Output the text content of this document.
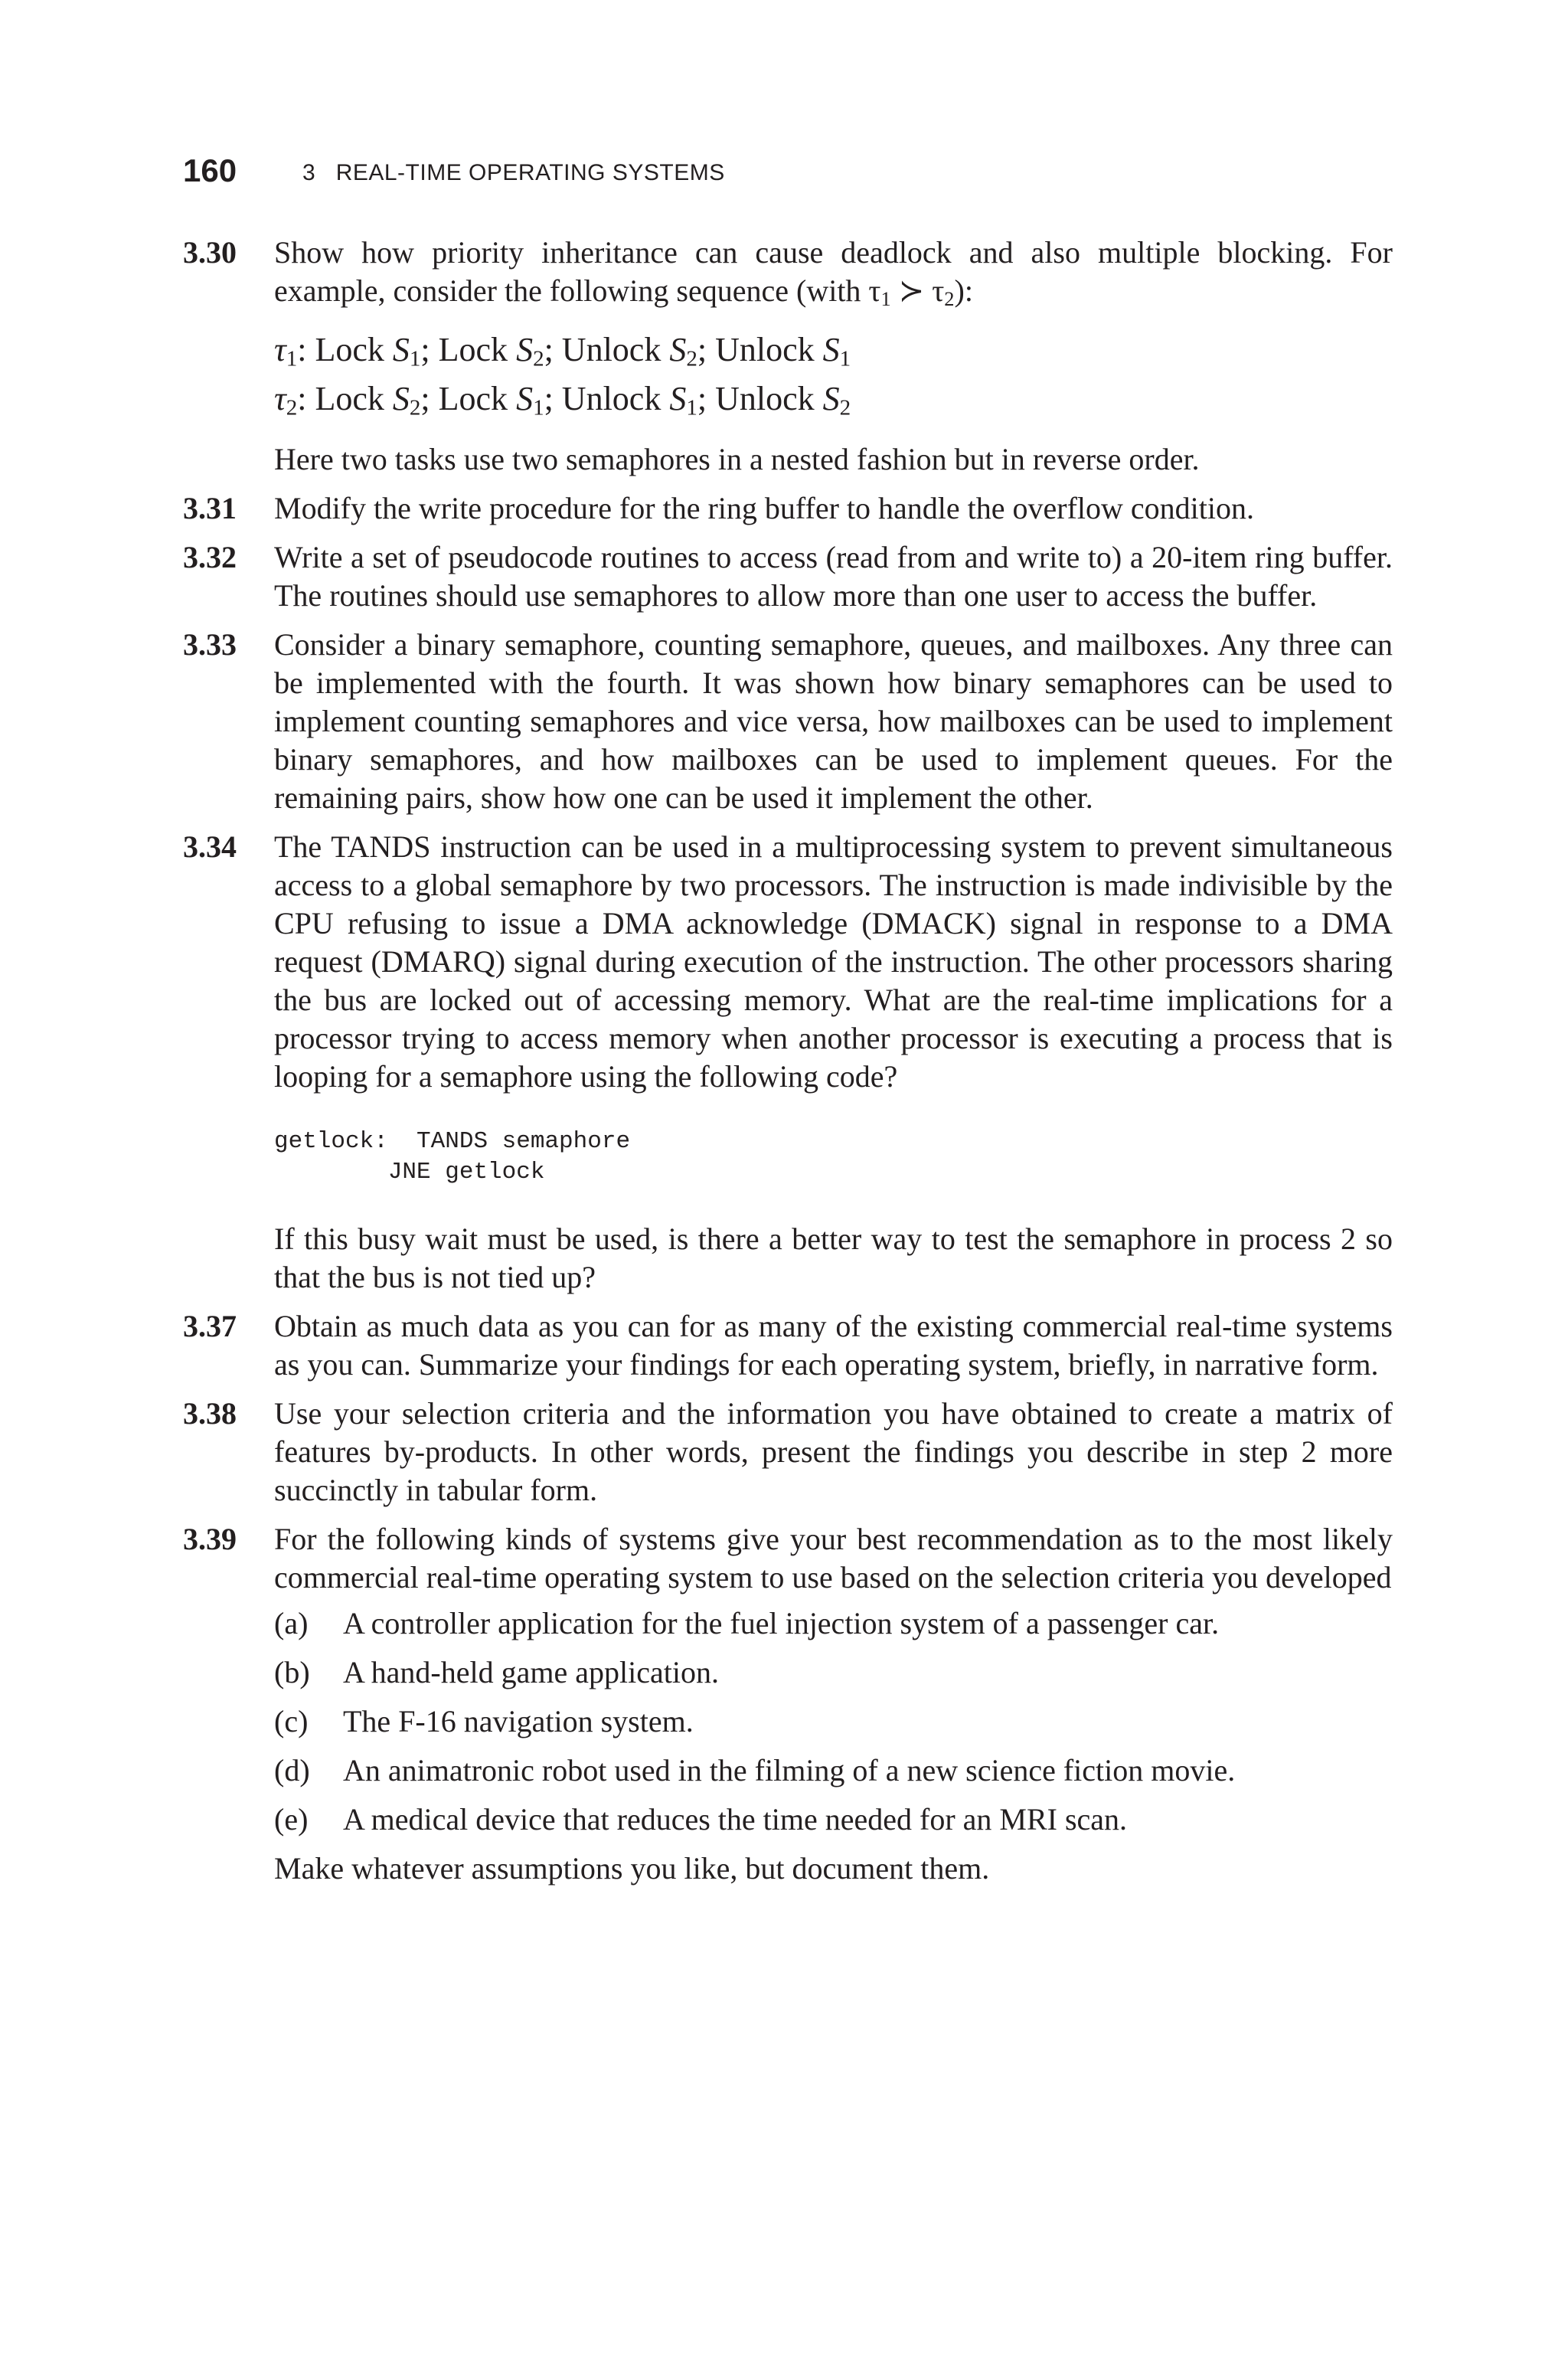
160	3   REAL-TIME OPERATING SYSTEMS
3.30 Show how priority inheritance can cause deadlock and also multiple blocking. For example, consider the following sequence (with $\tau_1$ ≻ $\tau_2$):

$\tau_1$: Lock $S_1$; Lock $S_2$; Unlock $S_2$; Unlock $S_1$
$\tau_2$: Lock $S_2$; Lock $S_1$; Unlock $S_1$; Unlock $S_2$

Here two tasks use two semaphores in a nested fashion but in reverse order.

3.31 Modify the write procedure for the ring buffer to handle the overflow condition.

3.32 Write a set of pseudocode routines to access (read from and write to) a 20-item ring buffer. The routines should use semaphores to allow more than one user to access the buffer.

3.33 Consider a binary semaphore, counting semaphore, queues, and mailboxes. Any three can be implemented with the fourth. It was shown how binary semaphores can be used to implement counting semaphores and vice versa, how mailboxes can be used to implement binary semaphores, and how mailboxes can be used to implement queues. For the remaining pairs, show how one can be used it implement the other.

3.34 The TANDS instruction can be used in a multiprocessing system to prevent simultaneous access to a global semaphore by two processors. The instruction is made indivisible by the CPU refusing to issue a DMA acknowledge (DMACK) signal in response to a DMA request (DMARQ) signal during execution of the instruction. The other processors sharing the bus are locked out of accessing memory. What are the real-time implications for a processor trying to access memory when another processor is executing a process that is looping for a semaphore using the following code?

getlock:  TANDS semaphore
JNE getlock

If this busy wait must be used, is there a better way to test the semaphore in process 2 so that the bus is not tied up?

3.37 Obtain as much data as you can for as many of the existing commercial real-time systems as you can. Summarize your findings for each operating system, briefly, in narrative form.

3.38 Use your selection criteria and the information you have obtained to create a matrix of features by-products. In other words, present the findings you describe in step 2 more succinctly in tabular form.

3.39 For the following kinds of systems give your best recommendation as to the most likely commercial real-time operating system to use based on the selection criteria you developed

(a) A controller application for the fuel injection system of a passenger car.
(b) A hand-held game application.
(c) The F-16 navigation system.
(d) An animatronic robot used in the filming of a new science fiction movie.
(e) A medical device that reduces the time needed for an MRI scan.

Make whatever assumptions you like, but document them.
